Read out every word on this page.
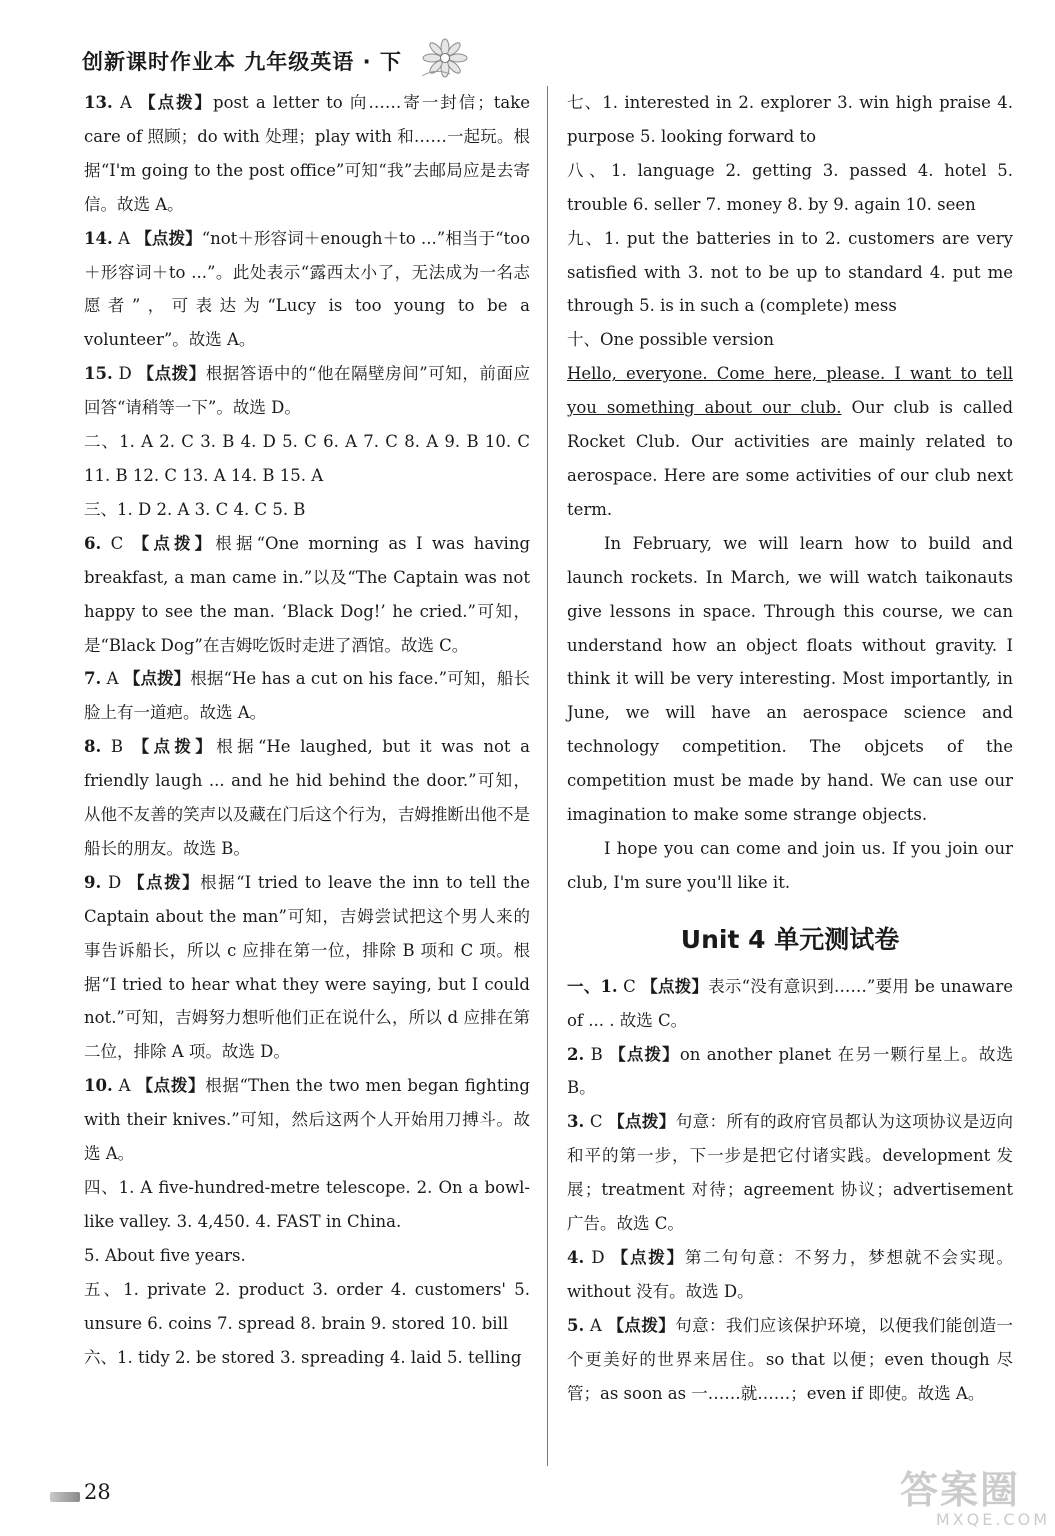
创新课时作业本 九年级英语 · 下

13. A 【点拨】post a letter to 向……寄一封信；take care of 照顾；do with 处理；play with 和……一起玩。根据“I'm going to the post office”可知“我”去邮局应是去寄信。故选 A。

14. A 【点拨】“not＋形容词＋enough＋to ...”相当于“too＋形容词＋to ...”。此处表示“露西太小了，无法成为一名志愿者”，可表达为“Lucy is too young to be a volunteer”。故选 A。

15. D 【点拨】根据答语中的“他在隔壁房间”可知，前面应回答“请稍等一下”。故选 D。

二、1. A 2. C 3. B 4. D 5. C 6. A 7. C 8. A 9. B 10. C 11. B 12. C 13. A 14. B 15. A

三、1. D 2. A 3. C 4. C 5. B

6. C 【点拨】根据“One morning as I was having breakfast, a man came in.”以及“The Captain was not happy to see the man. ‘Black Dog!’ he cried.”可知，是“Black Dog”在吉姆吃饭时走进了酒馆。故选 C。

7. A 【点拨】根据“He has a cut on his face.”可知，船长脸上有一道疤。故选 A。

8. B 【点拨】根据“He laughed, but it was not a friendly laugh ... and he hid behind the door.”可知，从他不友善的笑声以及藏在门后这个行为，吉姆推断出他不是船长的朋友。故选 B。

9. D 【点拨】根据“I tried to leave the inn to tell the Captain about the man”可知，吉姆尝试把这个男人来的事告诉船长，所以 c 应排在第一位，排除 B 项和 C 项。根据“I tried to hear what they were saying, but I could not.”可知，吉姆努力想听他们正在说什么，所以 d 应排在第二位，排除 A 项。故选 D。

10. A 【点拨】根据“Then the two men began fighting with their knives.”可知，然后这两个人开始用刀搏斗。故选 A。

四、1. A five-hundred-metre telescope. 2. On a bowl-like valley. 3. 4,450. 4. FAST in China.

5. About five years.

五、1. private 2. product 3. order 4. customers' 5. unsure 6. coins 7. spread 8. brain 9. stored 10. bill

六、1. tidy 2. be stored 3. spreading 4. laid 5. telling

七、1. interested in 2. explorer 3. win high praise 4. purpose 5. looking forward to

八、1. language 2. getting 3. passed 4. hotel 5. trouble 6. seller 7. money 8. by 9. again 10. seen

九、1. put the batteries in to 2. customers are very satisfied with 3. not to be up to standard 4. put me through 5. is in such a (complete) mess

十、One possible version

Hello, everyone. Come here, please. I want to tell you something about our club. Our club is called Rocket Club. Our activities are mainly related to aerospace. Here are some activities of our club next term.

In February, we will learn how to build and launch rockets. In March, we will watch taikonauts give lessons in space. Through this course, we can understand how an object floats without gravity. I think it will be very interesting. Most importantly, in June, we will have an aerospace science and technology competition. The objcets of the competition must be made by hand. We can use our imagination to make some strange objects.

I hope you can come and join us. If you join our club, I'm sure you'll like it.

Unit 4 单元测试卷

一、1. C 【点拨】表示“没有意识到……”要用 be unaware of ... . 故选 C。

2. B 【点拨】on another planet 在另一颗行星上。故选 B。

3. C 【点拨】句意：所有的政府官员都认为这项协议是迈向和平的第一步，下一步是把它付诸实践。development 发展；treatment 对待；agreement 协议；advertisement 广告。故选 C。

4. D 【点拨】第二句句意：不努力，梦想就不会实现。without 没有。故选 D。

5. A 【点拨】句意：我们应该保护环境，以便我们能创造一个更美好的世界来居住。so that 以便；even though 尽管；as soon as 一……就……；even if 即使。故选 A。

28	答案圈
MXQE.COM
